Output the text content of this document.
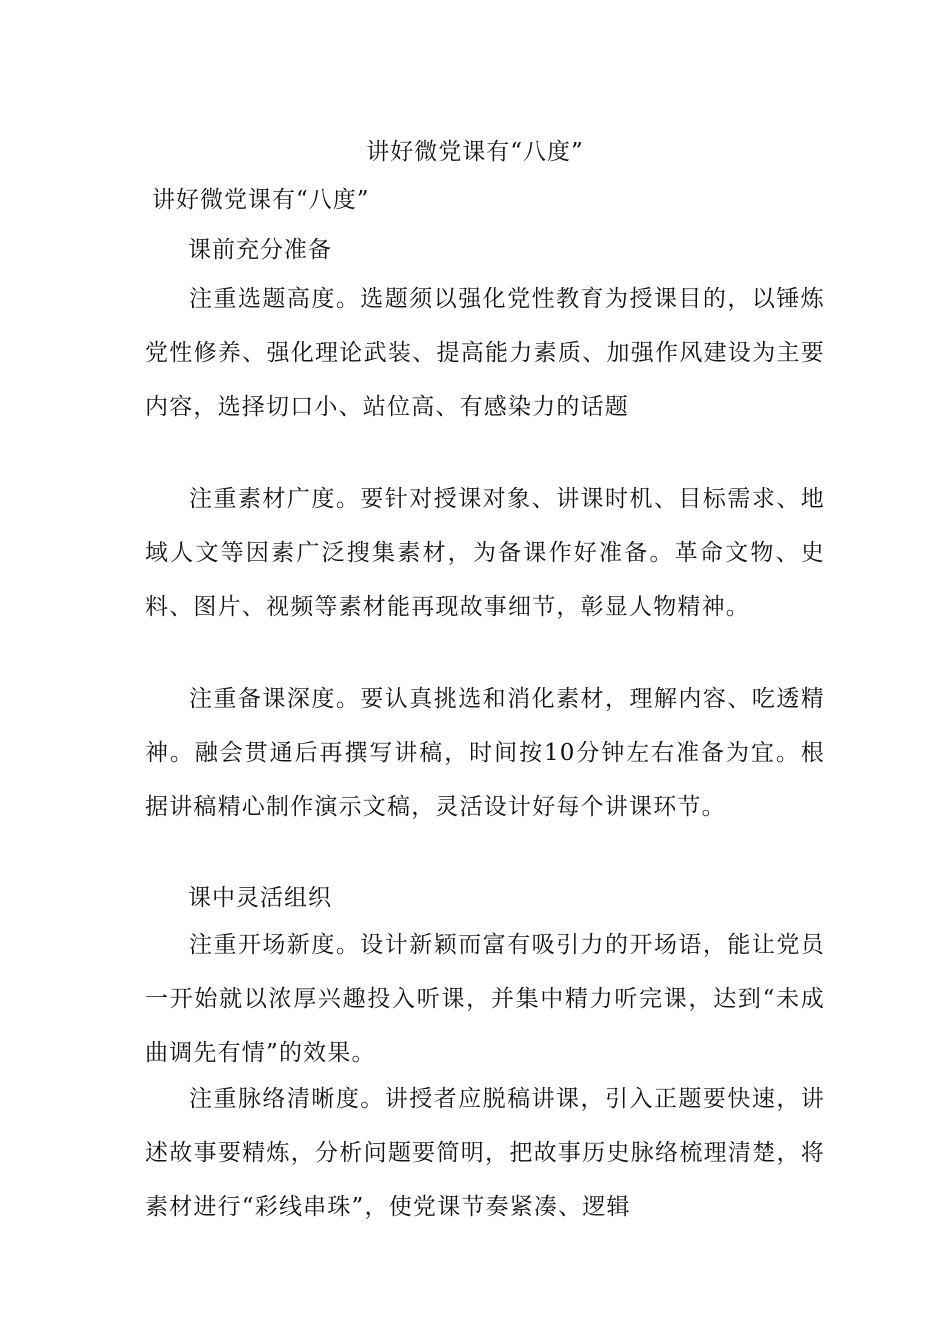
讲好微党课有“八度”
讲好微党课有“八度”
课前充分准备
注重选题高度。选题须以强化党性教育为授课目的，以锤炼党性修养、强化理论武装、提高能力素质、加强作风建设为主要内容，选择切口小、站位高、有感染力的话题
注重素材广度。要针对授课对象、讲课时机、目标需求、地域人文等因素广泛搜集素材，为备课作好准备。革命文物、史料、图片、视频等素材能再现故事细节，彰显人物精神。
注重备课深度。要认真挑选和消化素材，理解内容、吃透精神。融会贯通后再撰写讲稿，时间按10分钟左右准备为宜。根据讲稿精心制作演示文稿，灵活设计好每个讲课环节。
课中灵活组织
注重开场新度。设计新颖而富有吸引力的开场语，能让党员一开始就以浓厚兴趣投入听课，并集中精力听完课，达到“未成曲调先有情”的效果。
注重脉络清晰度。讲授者应脱稿讲课，引入正题要快速，讲述故事要精炼，分析问题要简明，把故事历史脉络梳理清楚，将素材进行“彩线串珠”，使党课节奏紧凑、逻辑
